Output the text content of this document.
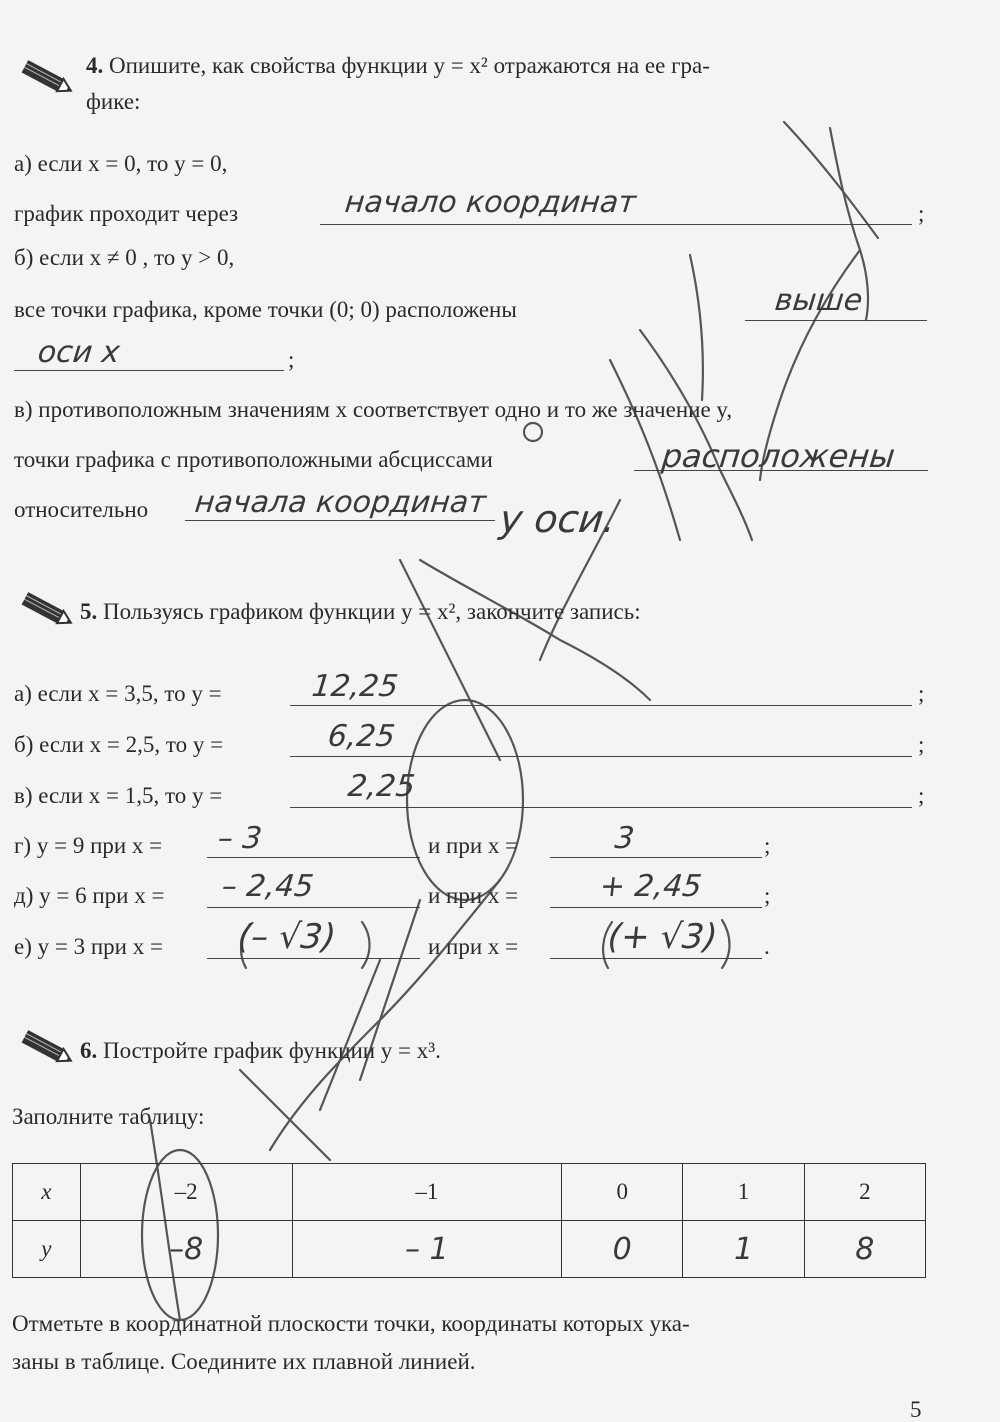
4. Опишите, как свойства функции y = x² отражаются на ее гра-
фике:
а) если x = 0, то y = 0,
график проходит через	начало координат	;
б) если x ≠ 0 , то y > 0,
все точки графика, кроме точки (0; 0) расположены	выше
оси x	;
в) противоположным значениям x соответствует одно и то же значение y,
точки графика с противоположными абсциссами	расположены
относительно начала координат у оси.
5. Пользуясь графиком функции y = x², закончите запись:
а) если x = 3,5, то y =	12,25	;
б) если x = 2,5, то y =	6,25	;
в) если x = 1,5, то y =	2,25	;
г) y = 9 при x = – 3	и при x =	3	;
д) y = 6 при x = – 2,45	и при x =	+ 2,45	;
е) y = 3 при x = (– √3)	и при x =	(+ √3) .
6. Постройте график функции y = x³.
Заполните таблицу:
x	–2	–1	0	1	2
y	–8	– 1	0	1	8
Отметьте в координатной плоскости точки, координаты которых ука-
заны в таблице. Соедините их плавной линией.
5
